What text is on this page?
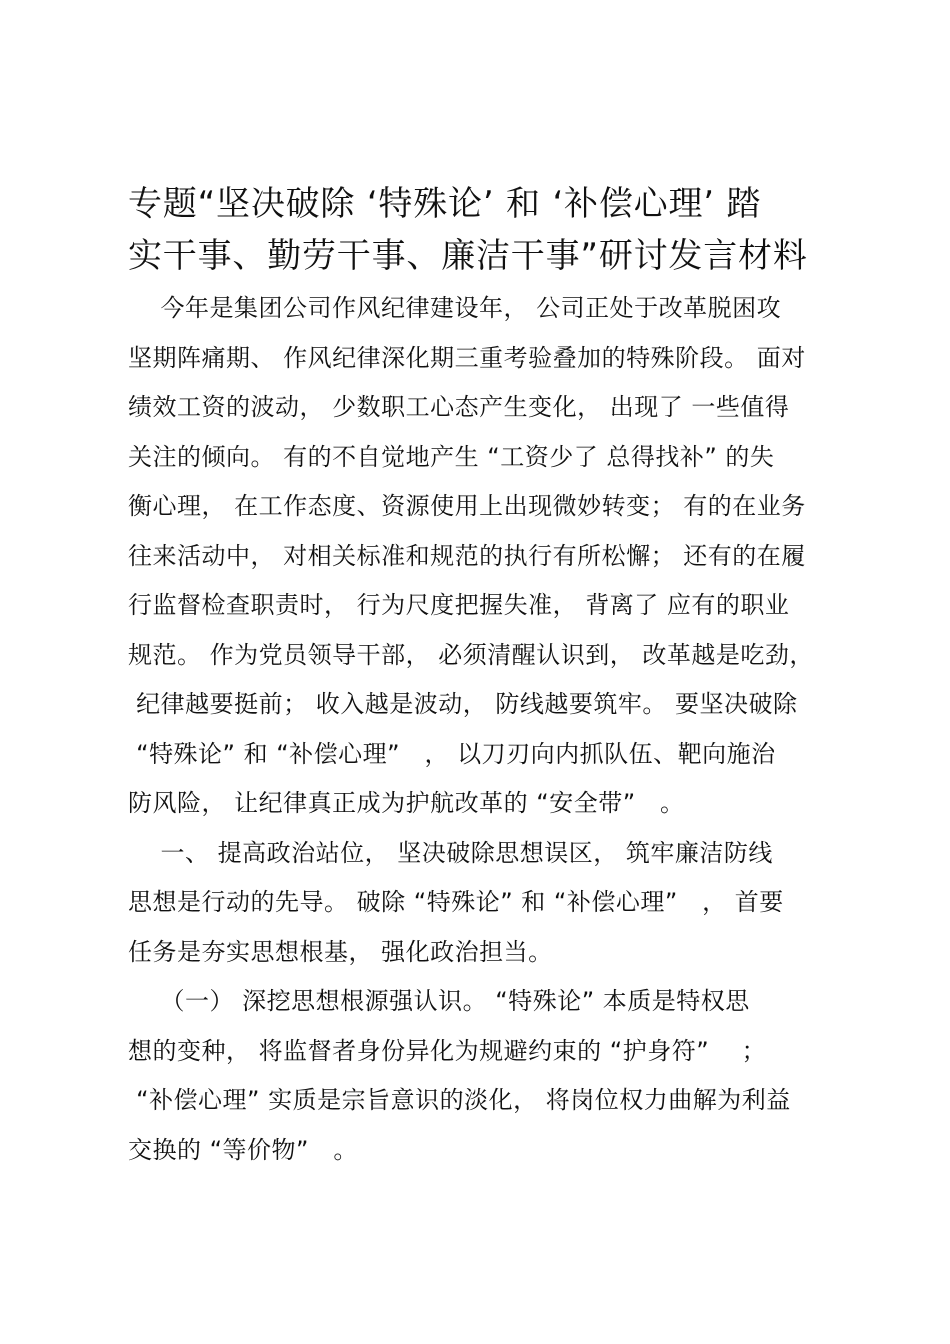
专题“坚决破除 ‘特殊论’ 和 ‘补偿心理’ 踏
实干事、勤劳干事、廉洁干事”研讨发言材料
今年是集团公司作风纪律建设年， 公司正处于改革脱困攻
坚期阵痛期、 作风纪律深化期三重考验叠加的特殊阶段。 面对
绩效工资的波动， 少数职工心态产生变化， 出现了 一些值得
关注的倾向。 有的不自觉地产生 “工资少了 总得找补” 的失
衡心理， 在工作态度、资源使用上出现微妙转变； 有的在业务
往来活动中， 对相关标准和规范的执行有所松懈； 还有的在履
行监督检查职责时， 行为尺度把握失准， 背离了 应有的职业
规范。 作为党员领导干部， 必须清醒认识到， 改革越是吃劲，
纪律越要挺前； 收入越是波动， 防线越要筑牢。 要坚决破除
“特殊论” 和 “补偿心理”   ， 以刀刃向内抓队伍、靶向施治
防风险， 让纪律真正成为护航改革的 “安全带”   。
一、 提高政治站位， 坚决破除思想误区， 筑牢廉洁防线
思想是行动的先导。 破除 “特殊论” 和 “补偿心理”   ， 首要
任务是夯实思想根基， 强化政治担当。
（一） 深挖思想根源强认识。 “特殊论” 本质是特权思
想的变种， 将监督者身份异化为规避约束的 “护身符”    ；
“补偿心理” 实质是宗旨意识的淡化， 将岗位权力曲解为利益
交换的 “等价物”   。
